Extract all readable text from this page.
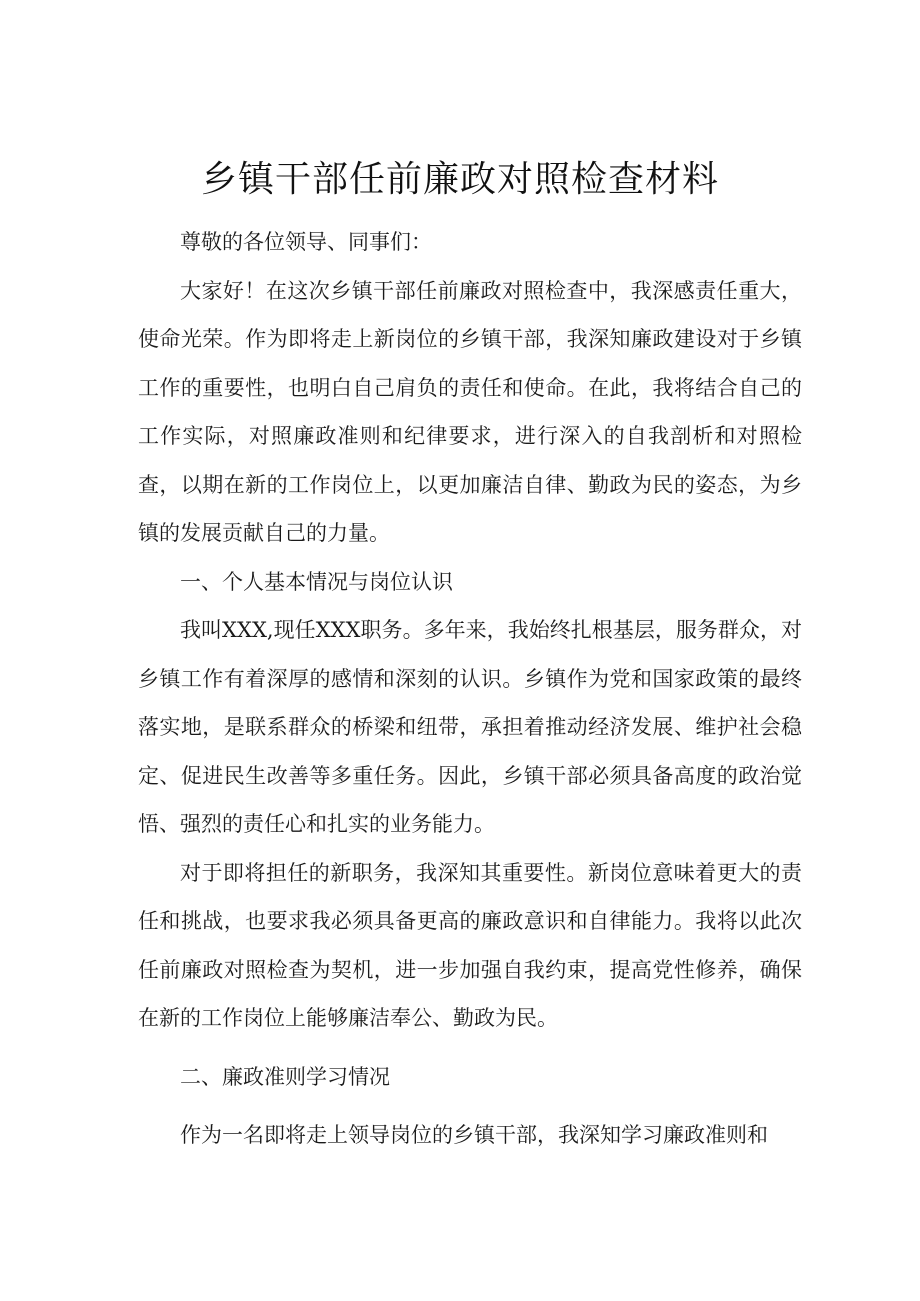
乡镇干部任前廉政对照检查材料

尊敬的各位领导、同事们：

大家好！在这次乡镇干部任前廉政对照检查中，我深感责任重大，使命光荣。作为即将走上新岗位的乡镇干部，我深知廉政建设对于乡镇工作的重要性，也明白自己肩负的责任和使命。在此，我将结合自己的工作实际，对照廉政准则和纪律要求，进行深入的自我剖析和对照检查，以期在新的工作岗位上，以更加廉洁自律、勤政为民的姿态，为乡镇的发展贡献自己的力量。

一、个人基本情况与岗位认识

我叫XXX,现任XXX职务。多年来，我始终扎根基层，服务群众，对乡镇工作有着深厚的感情和深刻的认识。乡镇作为党和国家政策的最终落实地，是联系群众的桥梁和纽带，承担着推动经济发展、维护社会稳定、促进民生改善等多重任务。因此，乡镇干部必须具备高度的政治觉悟、强烈的责任心和扎实的业务能力。

对于即将担任的新职务，我深知其重要性。新岗位意味着更大的责任和挑战，也要求我必须具备更高的廉政意识和自律能力。我将以此次任前廉政对照检查为契机，进一步加强自我约束，提高党性修养，确保在新的工作岗位上能够廉洁奉公、勤政为民。

二、廉政准则学习情况

作为一名即将走上领导岗位的乡镇干部，我深知学习廉政准则和
